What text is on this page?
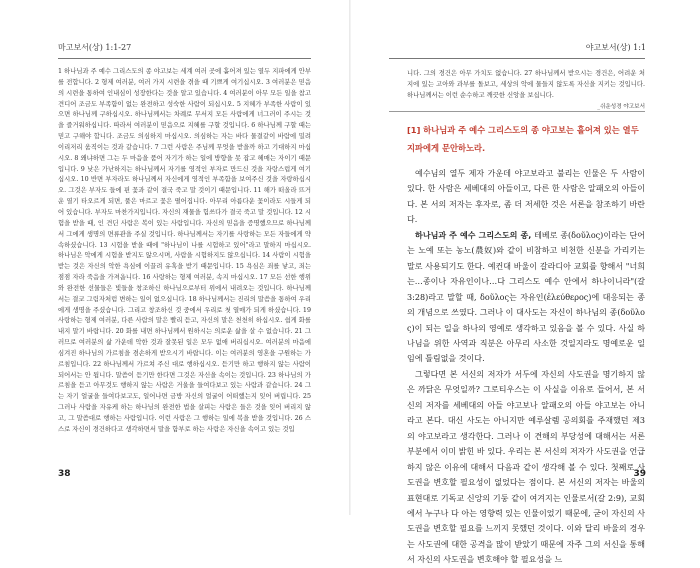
마고보서(상) 1:1-27
1 하나님과 주 예수 그리스도의 종 야고보는 세계 여러 곳에 흩어져 있는 열두 지파에게 안부를 전합니다. 2 형제 여러분, 여러 가지 시련을 겪을 때 기쁘게 여기십시오. 3 여러분은 믿음의 시련을 통하여 인내심이 성장한다는 것을 알고 있습니다. 4 여러분이 아무 모든 일을 참고 견디어 조금도 부족함이 없는 완전하고 성숙한 사람이 되십시오. 5 지혜가 부족한 사람이 있으면 하나님께 구하십시오. 하나님께서는 차례로 무서지 모든 사람에게 너그러이 주시는 것을 즐거워하십니다. 따라서 여러분이 믿음으로 지혜를 구할 것입니다. 6 하나님께 구할 때는 믿고 구해야 합니다. 조금도 의심하지 마십시오. 의심하는 자는 바다 물결같이 바람에 밀려 이리저리 움직이는 것과 같습니다. 7 그런 사람은 주님께 무엇을 받을까 하고 기대하지 마십시오. 8 왜냐하면 그는 두 마음을 품어 자기가 하는 일에 방향을 못 잡고 헤매는 자이기 때문입니다. 9 낮은 가난하지는 하나님께서 자기를 영적인 부자로 만드신 것을 자랑스럽게 여기십시오. 10 반면 부자라도 하나님께서 자신에게 영적인 부족함을 보여주신 것을 자랑하십시오. 그것은 부자도 들에 핀 꽃과 같이 결국 죽고 말 것이기 때문입니다. 11 해가 떠올라 뜨거운 열기 타오르게 되면, 풀은 마르고 꽃은 떨어집니다. 아무리 아름다운 꽃이라도 시들게 되어 있습니다. 부자도 마찬가지입니다. 자신의 재물을 힘쓰다가 결국 죽고 말 것입니다. 12 시험을 받을 때, 인 견딘 사람은 복이 있는 사람입니다. 자신의 믿음을 증명했으므로 하나님께서 그에게 생명의 면류관을 주실 것입니다. 하나님께서는 자기를 사랑하는 모든 자들에게 약속하셨습니다. 13 시험을 받을 때에 "하나님이 나를 시험하고 있어"라고 말하지 마십시오. 하나님은 악에게 시험을 받지도 않으시며, 사람을 시험하지도 않으십니다. 14 사람이 시험을 받는 것은 자신의 악한 욕심에 이끌려 유혹을 받기 때문입니다. 15 욕심은 죄를 낳고, 죄는 점점 자라 죽음을 가져옵니다. 16 사랑하는 형제 여러분, 속지 마십시오. 17 모든 선한 행위와 완전한 선물들은 빛들을 창조하신 하나님으로부터 위에서 내려오는 것입니다. 하나님께서는 결코 그림자처럼 변하는 일이 없으십니다. 18 하나님께서는 진리의 말씀을 통하여 우리에게 생명을 주셨습니다. 그리고 창조하신 것 중에서 우리로 첫 열매가 되게 하셨습니다. 19 사랑하는 형제 여러분, 다른 사람의 말은 빨리 듣고, 자신의 말은 천천히 하십시오. 쉽게 화를 내지 말기 바랍니다. 20 화를 내면 하나님께서 원하시는 의로운 삶을 살 수 없습니다. 21 그러므로 여러분의 삶 가운데 악한 것과 잘못된 일은 모두 없애 버리십시오. 여러분의 마음에 심겨진 하나님의 가르침을 겸손하게 받으시기 바랍니다. 이는 여러분의 영혼을 구원하는 가르침입니다. 22 하나님께서 가르쳐 주신 대로 행하십시오. 듣기만 하고 행하지 않는 사람이 되어서는 안 됩니다. 말씀이 듣기만 한다면 그것은 자신을 속이는 것입니다. 23 하나님의 가르침을 듣고 아무것도 행하지 않는 사람은 거울을 들여다보고 있는 사람과 같습니다. 24 그는 자기 얼굴을 들여다보고도, 일어나면 금방 자신의 얼굴이 어떠했는지 잊어 버립니다. 25 그러나 사람을 자유케 하는 하나님의 완전한 법을 살피는 사람은 들은 것을 잊어 버리지 않고, 그 말씀대로 행하는 사람입니다. 이런 사람은 그 행하는 일에 복을 받을 것입니다. 26 스스로 자신이 경건하다고 생각하면서 말을 함부로 하는 사람은 자신을 속이고 있는 것입
38
야고보서(상) 1:1
니다. 그의 경건은 아무 가치도 없습니다. 27 하나님께서 받으시는 경건은, 어려운 처지에 있는 고아와 과부를 돌보고, 세상의 악에 물들지 않도록 자신을 지키는 것입니다. 하나님께서는 이런 순수하고 깨끗한 신앙을 보십니다.
_쉬운성경 야고보서
[1] 하나님과 주 예수 그리스도의 종 야고보는 흩어져 있는 열두 지파에게 문안하노라.

예수님의 열두 제자 가운데 야고보라고 불리는 인물은 두 사람이 있다. 한 사람은 세베대의 아들이고, 다른 한 사람은 알패오의 아들이다. 본 서의 저자는 후자로, 좀 더 저세한 것은 서론을 참조하기 바란다.

하나님과 주 예수 그리스도의 종, 테베로 종(δοῦλος)이라는 단어는 노예 또는 농노(農奴)와 같이 비참하고 비천한 신분을 가리키는 말로 사용되기도 한다. 예컨대 바울이 갈라디아 교회를 향해서 "너희는…종이나 자유인이나…다 그리스도 예수 안에서 하나이니라"(갈 3:28)라고 말할 때, δοῦλος는 자유인(ἐλεύθερος)에 대응되는 종의 개념으로 쓰였다. 그러나 이 대사도는 자신이 하나님의 종(δοῦλος)이 되는 일을 하나의 영예로 생각하고 있음을 볼 수 있다. 사실 하나님을 위한 사역과 직분은 아무리 사소한 것일지라도 명예로운 일임에 틀림없을 것이다.

그렇다면 본 서신의 저자가 서두에 자신의 사도권을 명기하지 않은 까닭은 무엇일까? 그로티우스는 이 사실을 이유로 들어서, 본 서신의 저자를 세베대의 아들 야고보나 알패오의 아들 야고보는 아니라고 본다. 대신 사도는 아니지만 예루살렘 공의회를 주재했던 제3의 야고보라고 생각한다. 그러나 이 견해의 부당성에 대해서는 서론 부분에서 이미 밝힌 바 있다. 우리는 본 서신의 저자가 사도권을 언급하지 않은 이유에 대해서 다음과 같이 생각해 볼 수 있다. 첫째로 사도권을 변호할 필요성이 없었다는 점이다. 본 서신의 저자는 바울의 표현대로 기독교 신앙의 기둥 같이 여겨지는 인물로서(갈 2:9), 교회에서 누구나 다 아는 영향력 있는 인물이었기 때문에, 굳이 자신의 사도권을 변호할 필요를 느끼지 못했던 것이다. 이와 달리 바울의 경우는 사도권에 대한 공격을 많이 받았기 때문에 자주 그의 서신을 통해서 자신의 사도권을 변호해야 할 필요성을 느

39
